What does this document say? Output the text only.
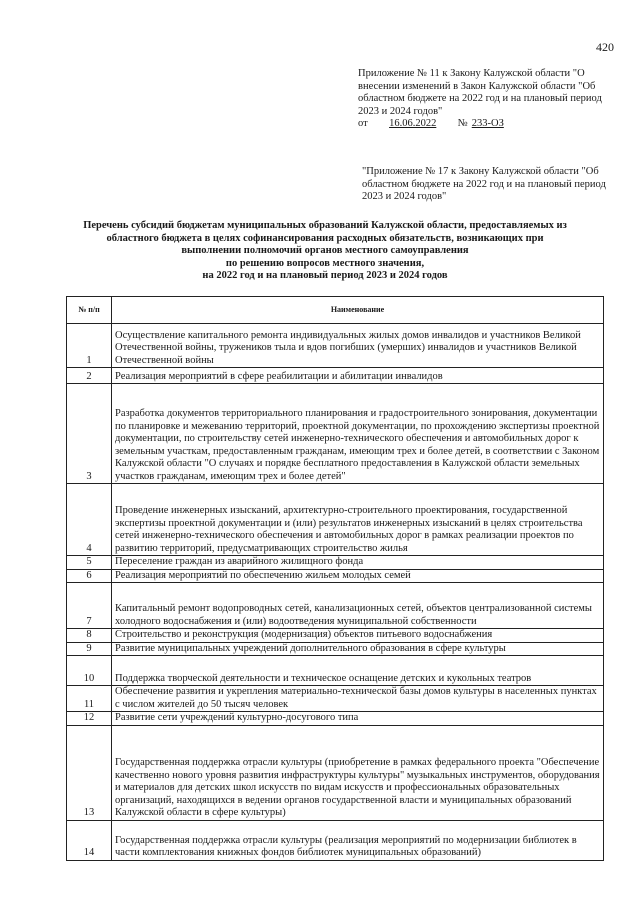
420
Приложение № 11 к Закону Калужской области "О внесении изменений в Закон Калужской области "Об областном бюджете на 2022 год и на плановый период 2023 и 2024 годов"
от	16.06.2022	№ 233-ОЗ
"Приложение № 17 к Закону Калужской области "Об областном бюджете на 2022 год и на плановый период 2023 и 2024 годов"
Перечень субсидий бюджетам муниципальных образований Калужской области, предоставляемых из
областного бюджета в целях софинансирования расходных обязательств, возникающих при
выполнении полномочий органов местного самоуправления
по решению вопросов местного значения,
на 2022 год и на плановый период 2023 и 2024 годов
№ п/п	Наименование
1	Осуществление капитального ремонта индивидуальных жилых домов инвалидов и участников Великой Отечественной войны, тружеников тыла и вдов погибших (умерших) инвалидов и участников Великой Отечественной войны
2	Реализация мероприятий в сфере реабилитации и абилитации инвалидов
3	Разработка документов территориального планирования и градостроительного зонирования, документации по планировке и межеванию территорий, проектной документации, по прохождению экспертизы проектной документации, по строительству сетей инженерно-технического обеспечения и автомобильных дорог к земельным участкам, предоставленным гражданам, имеющим трех и более детей, в соответствии с Законом Калужской области "О случаях и порядке бесплатного предоставления в Калужской области земельных участков гражданам, имеющим трех и более детей"
4	Проведение инженерных изысканий, архитектурно-строительного проектирования, государственной экспертизы проектной документации и (или) результатов инженерных изысканий в целях строительства сетей инженерно-технического обеспечения и автомобильных дорог в рамках реализации проектов по развитию территорий, предусматривающих строительство жилья
5	Переселение граждан из аварийного жилищного фонда
6	Реализация мероприятий по обеспечению жильем молодых семей
7	Капитальный ремонт водопроводных сетей, канализационных сетей, объектов централизованной системы холодного водоснабжения и (или) водоотведения муниципальной собственности
8	Строительство и реконструкция (модернизация) объектов питьевого водоснабжения
9	Развитие муниципальных учреждений дополнительного образования в сфере культуры
10	Поддержка творческой деятельности и техническое оснащение детских и кукольных театров
11	Обеспечение развития и укрепления материально-технической базы домов культуры в населенных пунктах с числом жителей до 50 тысяч человек
12	Развитие сети учреждений культурно-досугового типа
13	Государственная поддержка отрасли культуры (приобретение в рамках федерального проекта "Обеспечение качественно нового уровня развития инфраструктуры культуры" музыкальных инструментов, оборудования и материалов для детских школ искусств по видам искусств и профессиональных образовательных организаций, находящихся в ведении органов государственной власти и муниципальных образований Калужской области в сфере культуры)
14	Государственная поддержка отрасли культуры (реализация мероприятий по модернизации библиотек в части комплектования книжных фондов библиотек муниципальных образований)
